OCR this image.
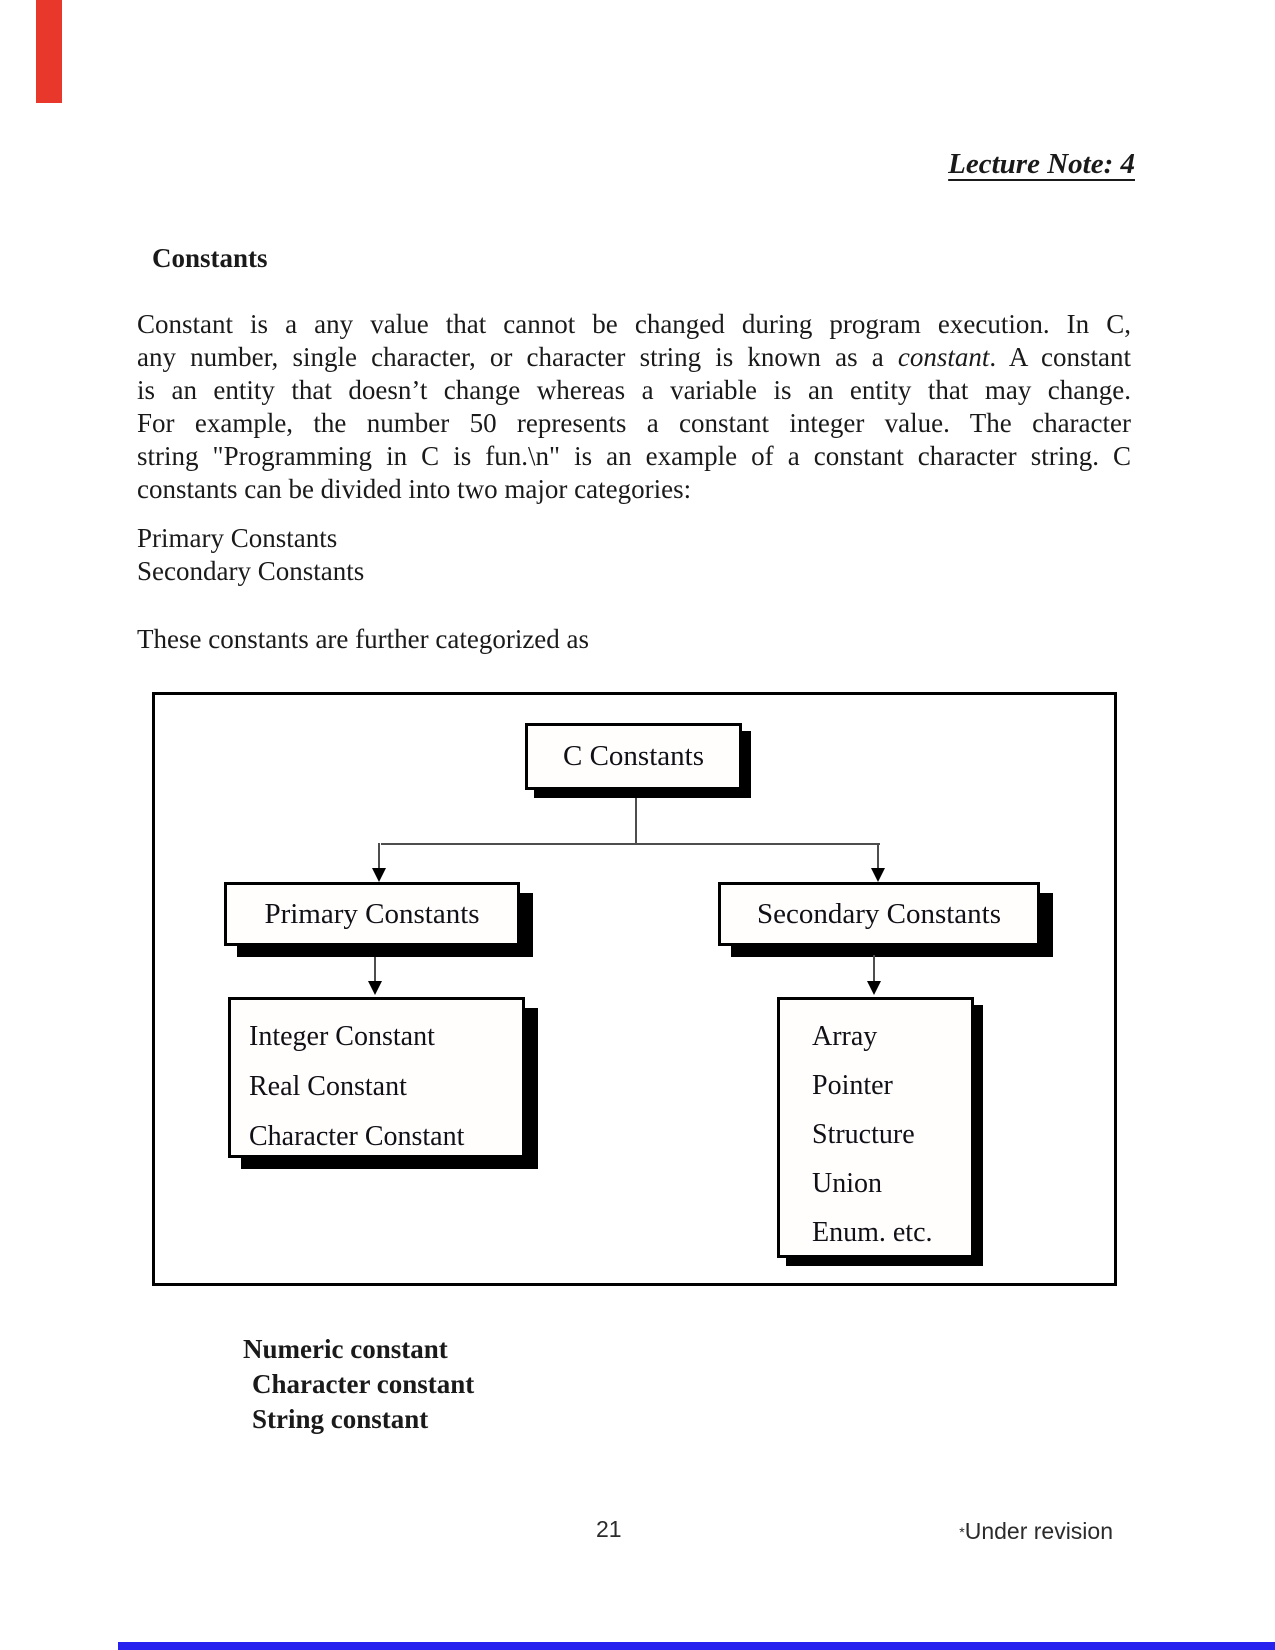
Lecture Note: 4
Constants
Constant is a any value that cannot be changed during program execution. In C,
any number, single character, or character string is known as a constant. A constant
is an entity that doesn’t change whereas a variable is an entity that may change.
For example, the number 50 represents a constant integer value. The character
string "Programming in C is fun.\n" is an example of a constant character string. C
constants can be divided into two major categories:
Primary Constants
Secondary Constants
These constants are further categorized as
C Constants
Primary Constants	Secondary Constants
Integer Constant
Real Constant
Character Constant
Array
Pointer
Structure
Union
Enum. etc.
Numeric constant
Character constant
String constant
21	*Under revision
